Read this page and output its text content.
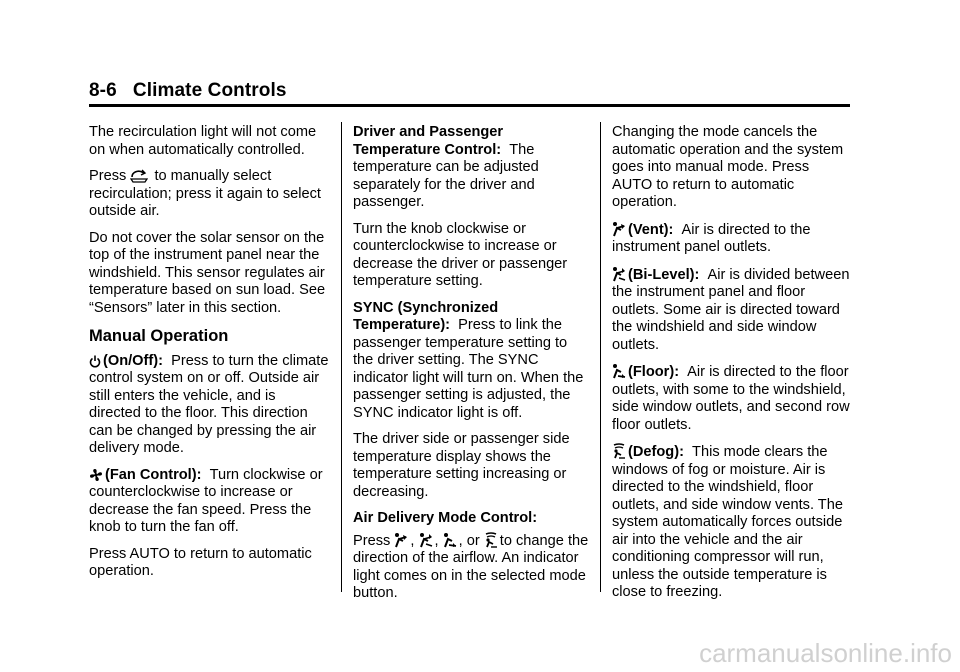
8-6 Climate Controls

The recirculation light will not come on when automatically controlled.

Press to manually select recirculation; press it again to select outside air.

Do not cover the solar sensor on the top of the instrument panel near the windshield. This sensor regulates air temperature based on sun load. See “Sensors” later in this section.

Manual Operation

(On/Off): Press to turn the climate control system on or off. Outside air still enters the vehicle, and is directed to the floor. This direction can be changed by pressing the air delivery mode.

(Fan Control): Turn clockwise or counterclockwise to increase or decrease the fan speed. Press the knob to turn the fan off.

Press AUTO to return to automatic operation.

Driver and Passenger Temperature Control: The temperature can be adjusted separately for the driver and passenger.

Turn the knob clockwise or counterclockwise to increase or decrease the driver or passenger temperature setting.

SYNC (Synchronized Temperature): Press to link the passenger temperature setting to the driver setting. The SYNC indicator light will turn on. When the passenger setting is adjusted, the SYNC indicator light is off.

The driver side or passenger side temperature display shows the temperature setting increasing or decreasing.

Air Delivery Mode Control:

Press , , , or to change the direction of the airflow. An indicator light comes on in the selected mode button.

Changing the mode cancels the automatic operation and the system goes into manual mode. Press AUTO to return to automatic operation.

(Vent): Air is directed to the instrument panel outlets.

(Bi-Level): Air is divided between the instrument panel and floor outlets. Some air is directed toward the windshield and side window outlets.

(Floor): Air is directed to the floor outlets, with some to the windshield, side window outlets, and second row floor outlets.

(Defog): This mode clears the windows of fog or moisture. Air is directed to the windshield, floor outlets, and side window vents. The system automatically forces outside air into the vehicle and the air conditioning compressor will run, unless the outside temperature is close to freezing.

carmanualsonline.info
